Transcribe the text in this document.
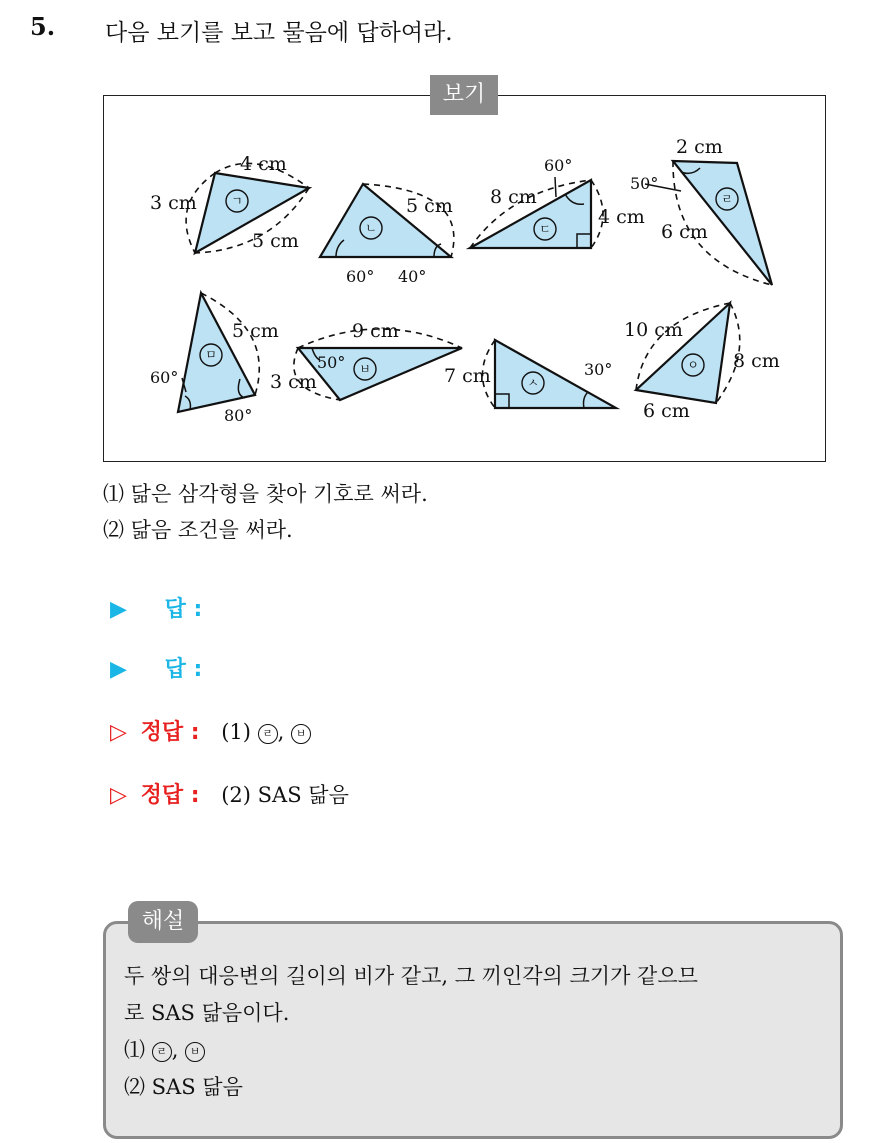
5. 다음 보기를 보고 물음에 답하여라.
보기
ㄱ
ㄴ	ㄷ
ㄹ
ㅁ
ㅂ
ㅅ
ㅇ
4 cm
3 cm
5 cm
5 cm
60° 40°
8 cm
60°
4 cm
2 cm
50°
6 cm
5 cm
60°
80°
9 cm
50°
3 cm	7 cm	30°
10 cm
8 cm
6 cm
⑴ 닮은 삼각형을 찾아 기호로 써라.
⑵ 닮음 조건을 써라.
▶ 답 :
▶ 답 :
▷ 정답 : (1) ㄹ , ㅂ
▷ 정답 : (2) SAS 닮음
해설
두 쌍의 대응변의 길이의 비가 같고, 그 끼인각의 크기가 같으므
로 SAS 닮음이다.
⑴ ㄹ , ㅂ
⑵ SAS 닮음
